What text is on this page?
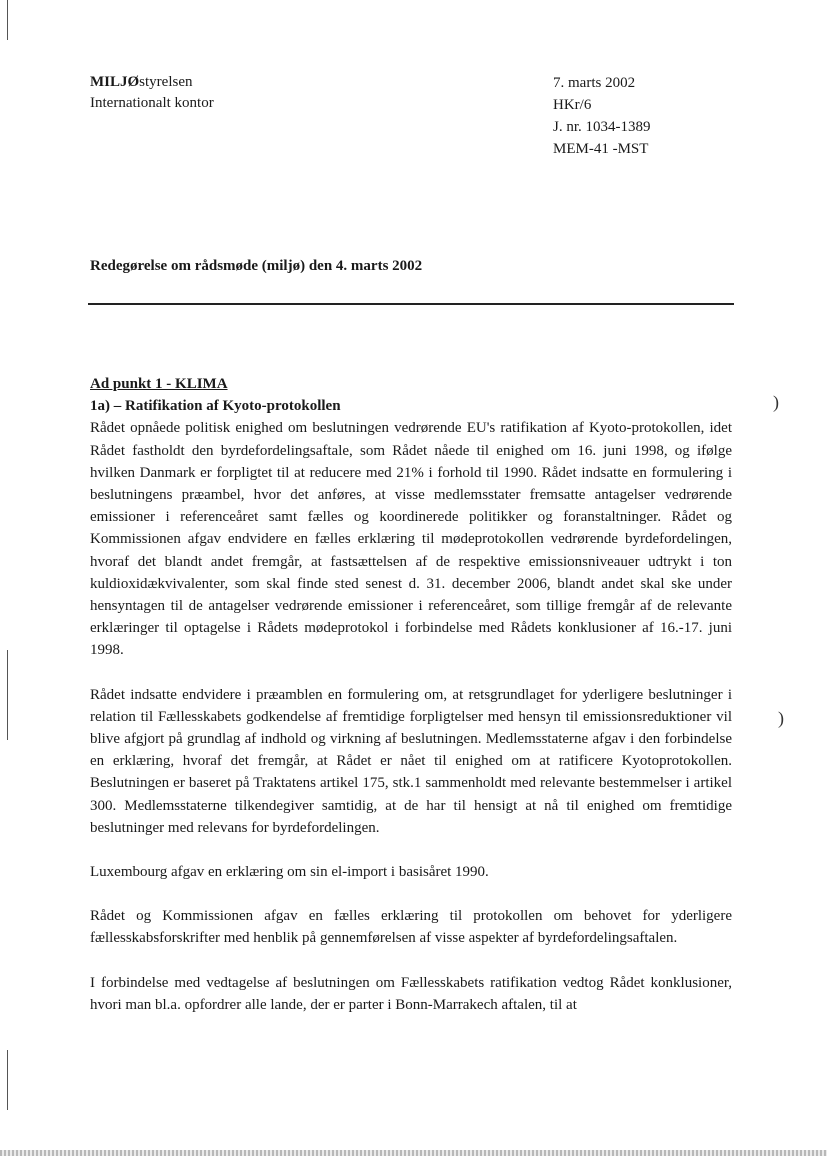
MILJØstyrelsen
Internationalt kontor
7. marts 2002
HKr/6
J. nr. 1034-1389
MEM-41 -MST
Redegørelse om rådsmøde (miljø) den 4. marts 2002
Ad punkt 1 - KLIMA
1a) – Ratifikation af Kyoto-protokollen

Rådet opnåede politisk enighed om beslutningen vedrørende EU's ratifikation af Kyoto-protokollen, idet Rådet fastholdt den byrdefordelingsaftale, som Rådet nåede til enighed om 16. juni 1998, og ifølge hvilken Danmark er forpligtet til at reducere med 21% i forhold til 1990. Rådet indsatte en formulering i beslutningens præambel, hvor det anføres, at visse medlemsstater fremsatte antagelser vedrørende emissioner i referenceåret samt fælles og koordinerede politikker og foranstaltninger. Rådet og Kommissionen afgav endvidere en fælles erklæring til mødeprotokollen vedrørende byrdefordelingen, hvoraf det blandt andet fremgår, at fastsættelsen af de respektive emissionsniveauer udtrykt i ton kuldioxidækvivalenter, som skal finde sted senest d. 31. december 2006, blandt andet skal ske under hensyntagen til de antagelser vedrørende emissioner i referenceåret, som tillige fremgår af de relevante erklæringer til optagelse i Rådets mødeprotokol i forbindelse med Rådets konklusioner af 16.-17. juni 1998.

Rådet indsatte endvidere i præamblen en formulering om, at retsgrundlaget for yderligere beslutninger i relation til Fællesskabets godkendelse af fremtidige forpligtelser med hensyn til emissionsreduktioner vil blive afgjort på grundlag af indhold og virkning af beslutningen. Medlemsstaterne afgav i den forbindelse en erklæring, hvoraf det fremgår, at Rådet er nået til enighed om at ratificere Kyotoprotokollen. Beslutningen er baseret på Traktatens artikel 175, stk.1 sammenholdt med relevante bestemmelser i artikel 300. Medlemsstaterne tilkendegiver samtidig, at de har til hensigt at nå til enighed om fremtidige beslutninger med relevans for byrdefordelingen.

Luxembourg afgav en erklæring om sin el-import i basisåret 1990.

Rådet og Kommissionen afgav en fælles erklæring til protokollen om behovet for yderligere fællesskabsforskrifter med henblik på gennemførelsen af visse aspekter af byrdefordelingsaftalen.

I forbindelse med vedtagelse af beslutningen om Fællesskabets ratifikation vedtog Rådet konklusioner, hvori man bl.a. opfordrer alle lande, der er parter i Bonn-Marrakech aftalen, til at

)
)
